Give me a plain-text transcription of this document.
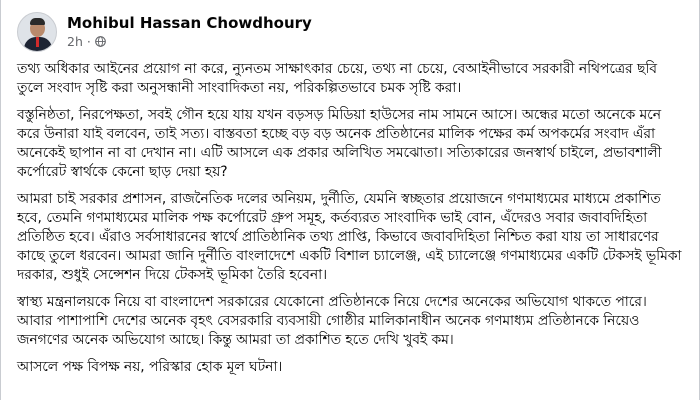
Mohibul Hassan Chowdhoury
2h ·

তথ্য অধিকার আইনের প্রয়োগ না করে, ন্যুনতম সাক্ষাৎকার চেয়ে, তথ্য না চেয়ে, বেআইনীভাবে সরকারী নথিপত্রের ছবি তুলে সংবাদ সৃষ্টি করা অনুসন্ধানী সাংবাদিকতা নয়, পরিকল্পিতভাবে চমক সৃষ্টি করা।

বস্তুনিষ্ঠতা, নিরপেক্ষতা, সবই গৌন হয়ে যায় যখন বড়সড় মিডিয়া হাউসের নাম সামনে আসে। অন্ধের মতো অনেকে মনে করে উনারা যাই বলবেন, তাই সত্য। বাস্তবতা হচ্ছে বড় বড় অনেক প্রতিষ্ঠানের মালিক পক্ষের কর্ম অপকর্মের সংবাদ এঁরা অনেকেই ছাপান না বা দেখান না। এটি আসলে এক প্রকার অলিখিত সমঝোতা। সত্যিকারের জনস্বার্থ চাইলে, প্রভাবশালী কর্পোরেট স্বার্থকে কেনো ছাড় দেয়া হয়?

আমরা চাই সরকার প্রশাসন, রাজনৈতিক দলের অনিয়ম, দুর্নীতি, যেমনি স্বচ্ছতার প্রয়োজনে গণমাধ্যমের মাধ্যমে প্রকাশিত হবে, তেমনি গণমাধ্যমের মালিক পক্ষ কর্পোরেট গ্রুপ সমূহ, কর্তব্যরত সাংবাদিক ভাই বোন, এঁদেরও সবার জবাবদিহিতা প্রতিষ্ঠিত হবে। এঁরাও সর্বসাধারনের স্বার্থে প্রাতিষ্ঠানিক তথ্য প্রাপ্তি, কিভাবে জবাবদিহিতা নিশ্চিত করা যায় তা সাধারণের কাছে তুলে ধরবেন। আমরা জানি দুর্নীতি বাংলাদেশে একটি বিশাল চ্যালেঞ্জ, এই চ্যালেঞ্জে গণমাধ্যমের একটি টেকসই ভূমিকা দরকার, শুধুই সেন্সেশন দিয়ে টেকসই ভূমিকা তৈরি হবেনা।

স্বাস্থ্য মন্ত্রনালয়কে নিয়ে বা বাংলাদেশ সরকারের যেকোনো প্রতিষ্ঠানকে নিয়ে দেশের অনেকের অভিযোগ থাকতে পারে। আবার পাশাপাশি দেশের অনেক বৃহৎ বেসরকারি ব্যবসায়ী গোষ্ঠীর মালিকানাধীন অনেক গণমাধ্যম প্রতিষ্ঠানকে নিয়েও জনগণের অনেক অভিযোগ আছে। কিন্তু আমরা তা প্রকাশিত হতে দেখি খুবই কম।

আসলে পক্ষ বিপক্ষ নয়, পরিস্কার হোক মূল ঘটনা।
